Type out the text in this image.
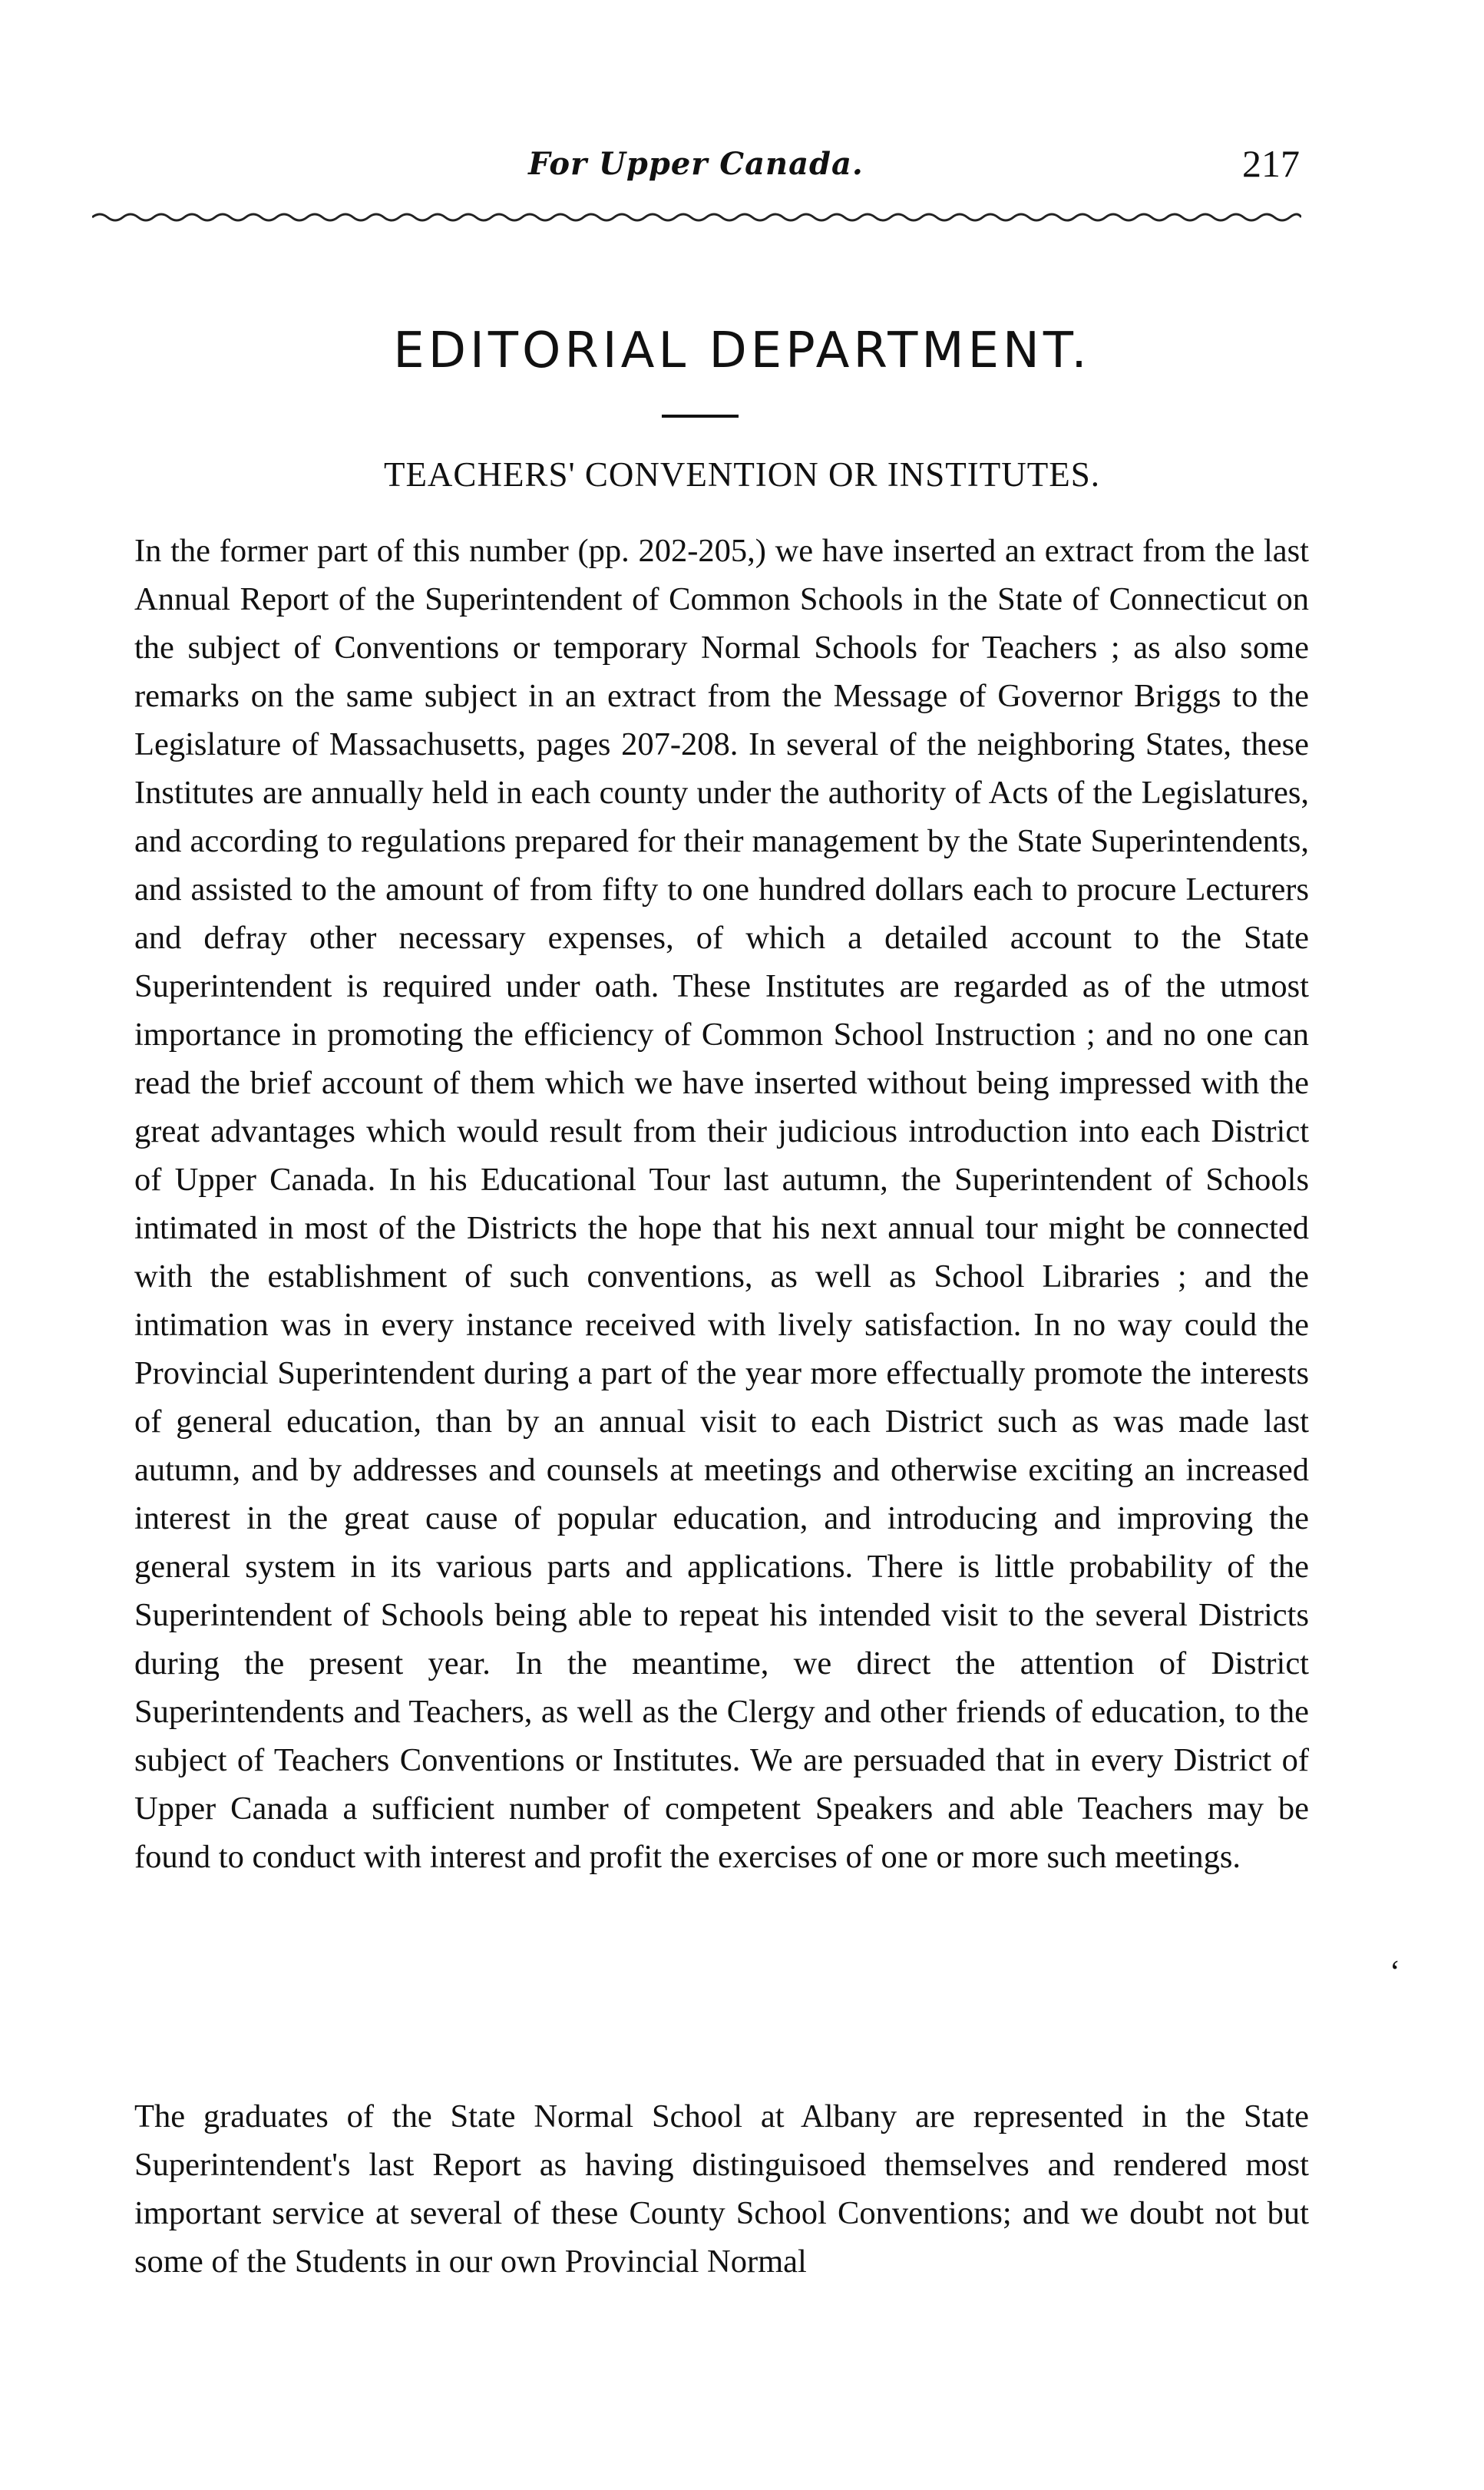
For Upper Canada.	217
EDITORIAL DEPARTMENT.
TEACHERS' CONVENTION OR INSTITUTES.

In the former part of this number (pp. 202-205,) we have inserted an extract from the last Annual Report of the Superintendent of Common Schools in the State of Connecticut on the subject of Conventions or temporary Normal Schools for Teachers ; as also some remarks on the same subject in an extract from the Message of Governor Briggs to the Legislature of Massachusetts, pages 207-208. In several of the neighboring States, these Institutes are annually held in each county under the authority of Acts of the Legislatures, and according to regulations prepared for their management by the State Superintendents, and assisted to the amount of from fifty to one hundred dollars each to procure Lecturers and defray other necessary expenses, of which a detailed account to the State Superintendent is required under oath. These Institutes are regarded as of the utmost importance in promoting the efficiency of Common School Instruction ; and no one can read the brief account of them which we have inserted without being impressed with the great advantages which would result from their judicious introduction into each District of Upper Canada. In his Educational Tour last autumn, the Superintendent of Schools intimated in most of the Districts the hope that his next annual tour might be connected with the establishment of such conventions, as well as School Libraries ; and the intimation was in every instance received with lively satisfaction. In no way could the Provincial Superintendent during a part of the year more effectually promote the interests of general education, than by an annual visit to each District such as was made last autumn, and by addresses and counsels at meetings and otherwise exciting an increased interest in the great cause of popular education, and introducing and improving the general system in its various parts and applications. There is little probability of the Superintendent of Schools being able to repeat his intended visit to the several Districts during the present year. In the meantime, we direct the attention of District Superintendents and Teachers, as well as the Clergy and other friends of education, to the subject of Teachers Conventions or Institutes. We are persuaded that in every District of Upper Canada a sufficient number of competent Speakers and able Teachers may be found to conduct with interest and profit the exercises of one or more such meetings.

The graduates of the State Normal School at Albany are represented in the State Superintendent's last Report as having distinguisoed themselves and rendered most important service at several of these County School Conventions; and we doubt not but some of the Students in our own Provincial Normal

ʻ
